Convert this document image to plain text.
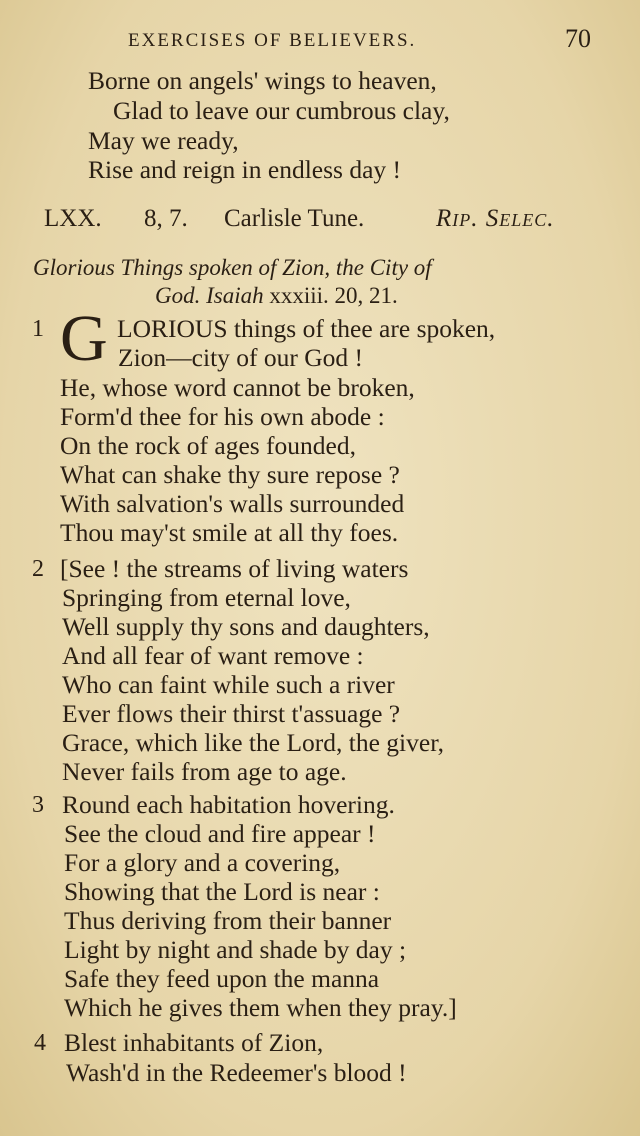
EXERCISES OF BELIEVERS.	70
Borne on angels' wings to heaven,
Glad to leave our cumbrous clay,
May we ready,
Rise and reign in endless day !
LXX. 8, 7. Carlisle Tune.	Rip. Selec.
Glorious Things spoken of Zion, the City of
God. Isaiah xxxiii. 20, 21.
1 G LORIOUS things of thee are spoken,
Zion—city of our God !
He, whose word cannot be broken,
Form'd thee for his own abode :
On the rock of ages founded,
What can shake thy sure repose ?
With salvation's walls surrounded
Thou may'st smile at all thy foes.
2 [See ! the streams of living waters
Springing from eternal love,
Well supply thy sons and daughters,
And all fear of want remove :
Who can faint while such a river
Ever flows their thirst t'assuage ?
Grace, which like the Lord, the giver,
Never fails from age to age.
3 Round each habitation hovering.
See the cloud and fire appear !
For a glory and a covering,
Showing that the Lord is near :
Thus deriving from their banner
Light by night and shade by day ;
Safe they feed upon the manna
Which he gives them when they pray.]
4 Blest inhabitants of Zion,
Wash'd in the Redeemer's blood !
